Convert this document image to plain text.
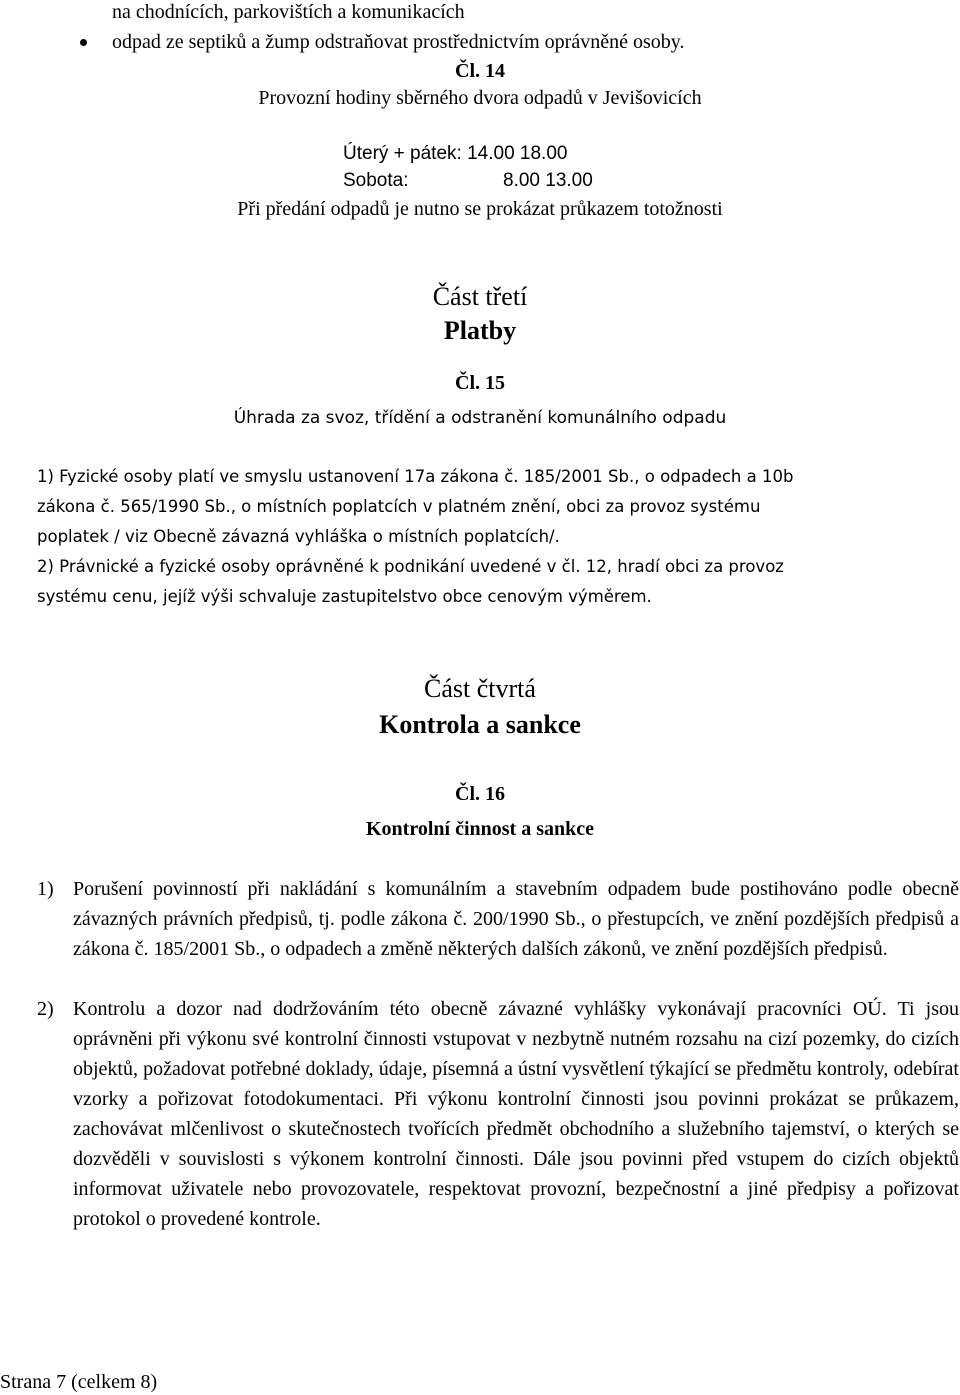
na chodnících, parkovištích a komunikacích
odpad ze septiků a žump odstraňovat prostřednictvím oprávněné osoby.
Čl. 14
Provozní hodiny sběrného dvora odpadů v Jevišovicích
Úterý + pátek: 14.00 18.00
Sobota:	8.00 13.00
Při předání odpadů je nutno se prokázat průkazem totožnosti
Část třetí
Platby
Čl. 15
Úhrada za svoz, třídění a odstranění komunálního odpadu
1) Fyzické osoby platí ve smyslu ustanovení 17a zákona č. 185/2001 Sb., o odpadech a 10b
zákona č. 565/1990 Sb., o místních poplatcích v platném znění, obci za provoz systému
poplatek / viz Obecně závazná vyhláška o místních poplatcích/.
2) Právnické a fyzické osoby oprávněné k podnikání uvedené v čl. 12, hradí obci za provoz
systému cenu, jejíž výši schvaluje zastupitelstvo obce cenovým výměrem.
Část čtvrtá
Kontrola a sankce
Čl. 16
Kontrolní činnost a sankce
1) Porušení povinností při nakládání s komunálním a stavebním odpadem bude postihováno podle obecně závazných právních předpisů, tj. podle zákona č. 200/1990 Sb., o přestupcích, ve znění pozdějších předpisů a zákona č. 185/2001 Sb., o odpadech a změně některých dalších zákonů, ve znění pozdějších předpisů.
2) Kontrolu a dozor nad dodržováním této obecně závazné vyhlášky vykonávají pracovníci OÚ. Ti jsou oprávněni při výkonu své kontrolní činnosti vstupovat v nezbytně nutném rozsahu na cizí pozemky, do cizích objektů, požadovat potřebné doklady, údaje, písemná a ústní vysvětlení týkající se předmětu kontroly, odebírat vzorky a pořizovat fotodokumentaci. Při výkonu kontrolní činnosti jsou povinni prokázat se průkazem, zachovávat mlčenlivost o skutečnostech tvořících předmět obchodního a služebního tajemství, o kterých se dozvěděli v souvislosti s výkonem kontrolní činnosti. Dále jsou povinni před vstupem do cizích objektů informovat uživatele nebo provozovatele, respektovat provozní, bezpečnostní a jiné předpisy a pořizovat protokol o provedené kontrole.
Strana 7 (celkem 8)
